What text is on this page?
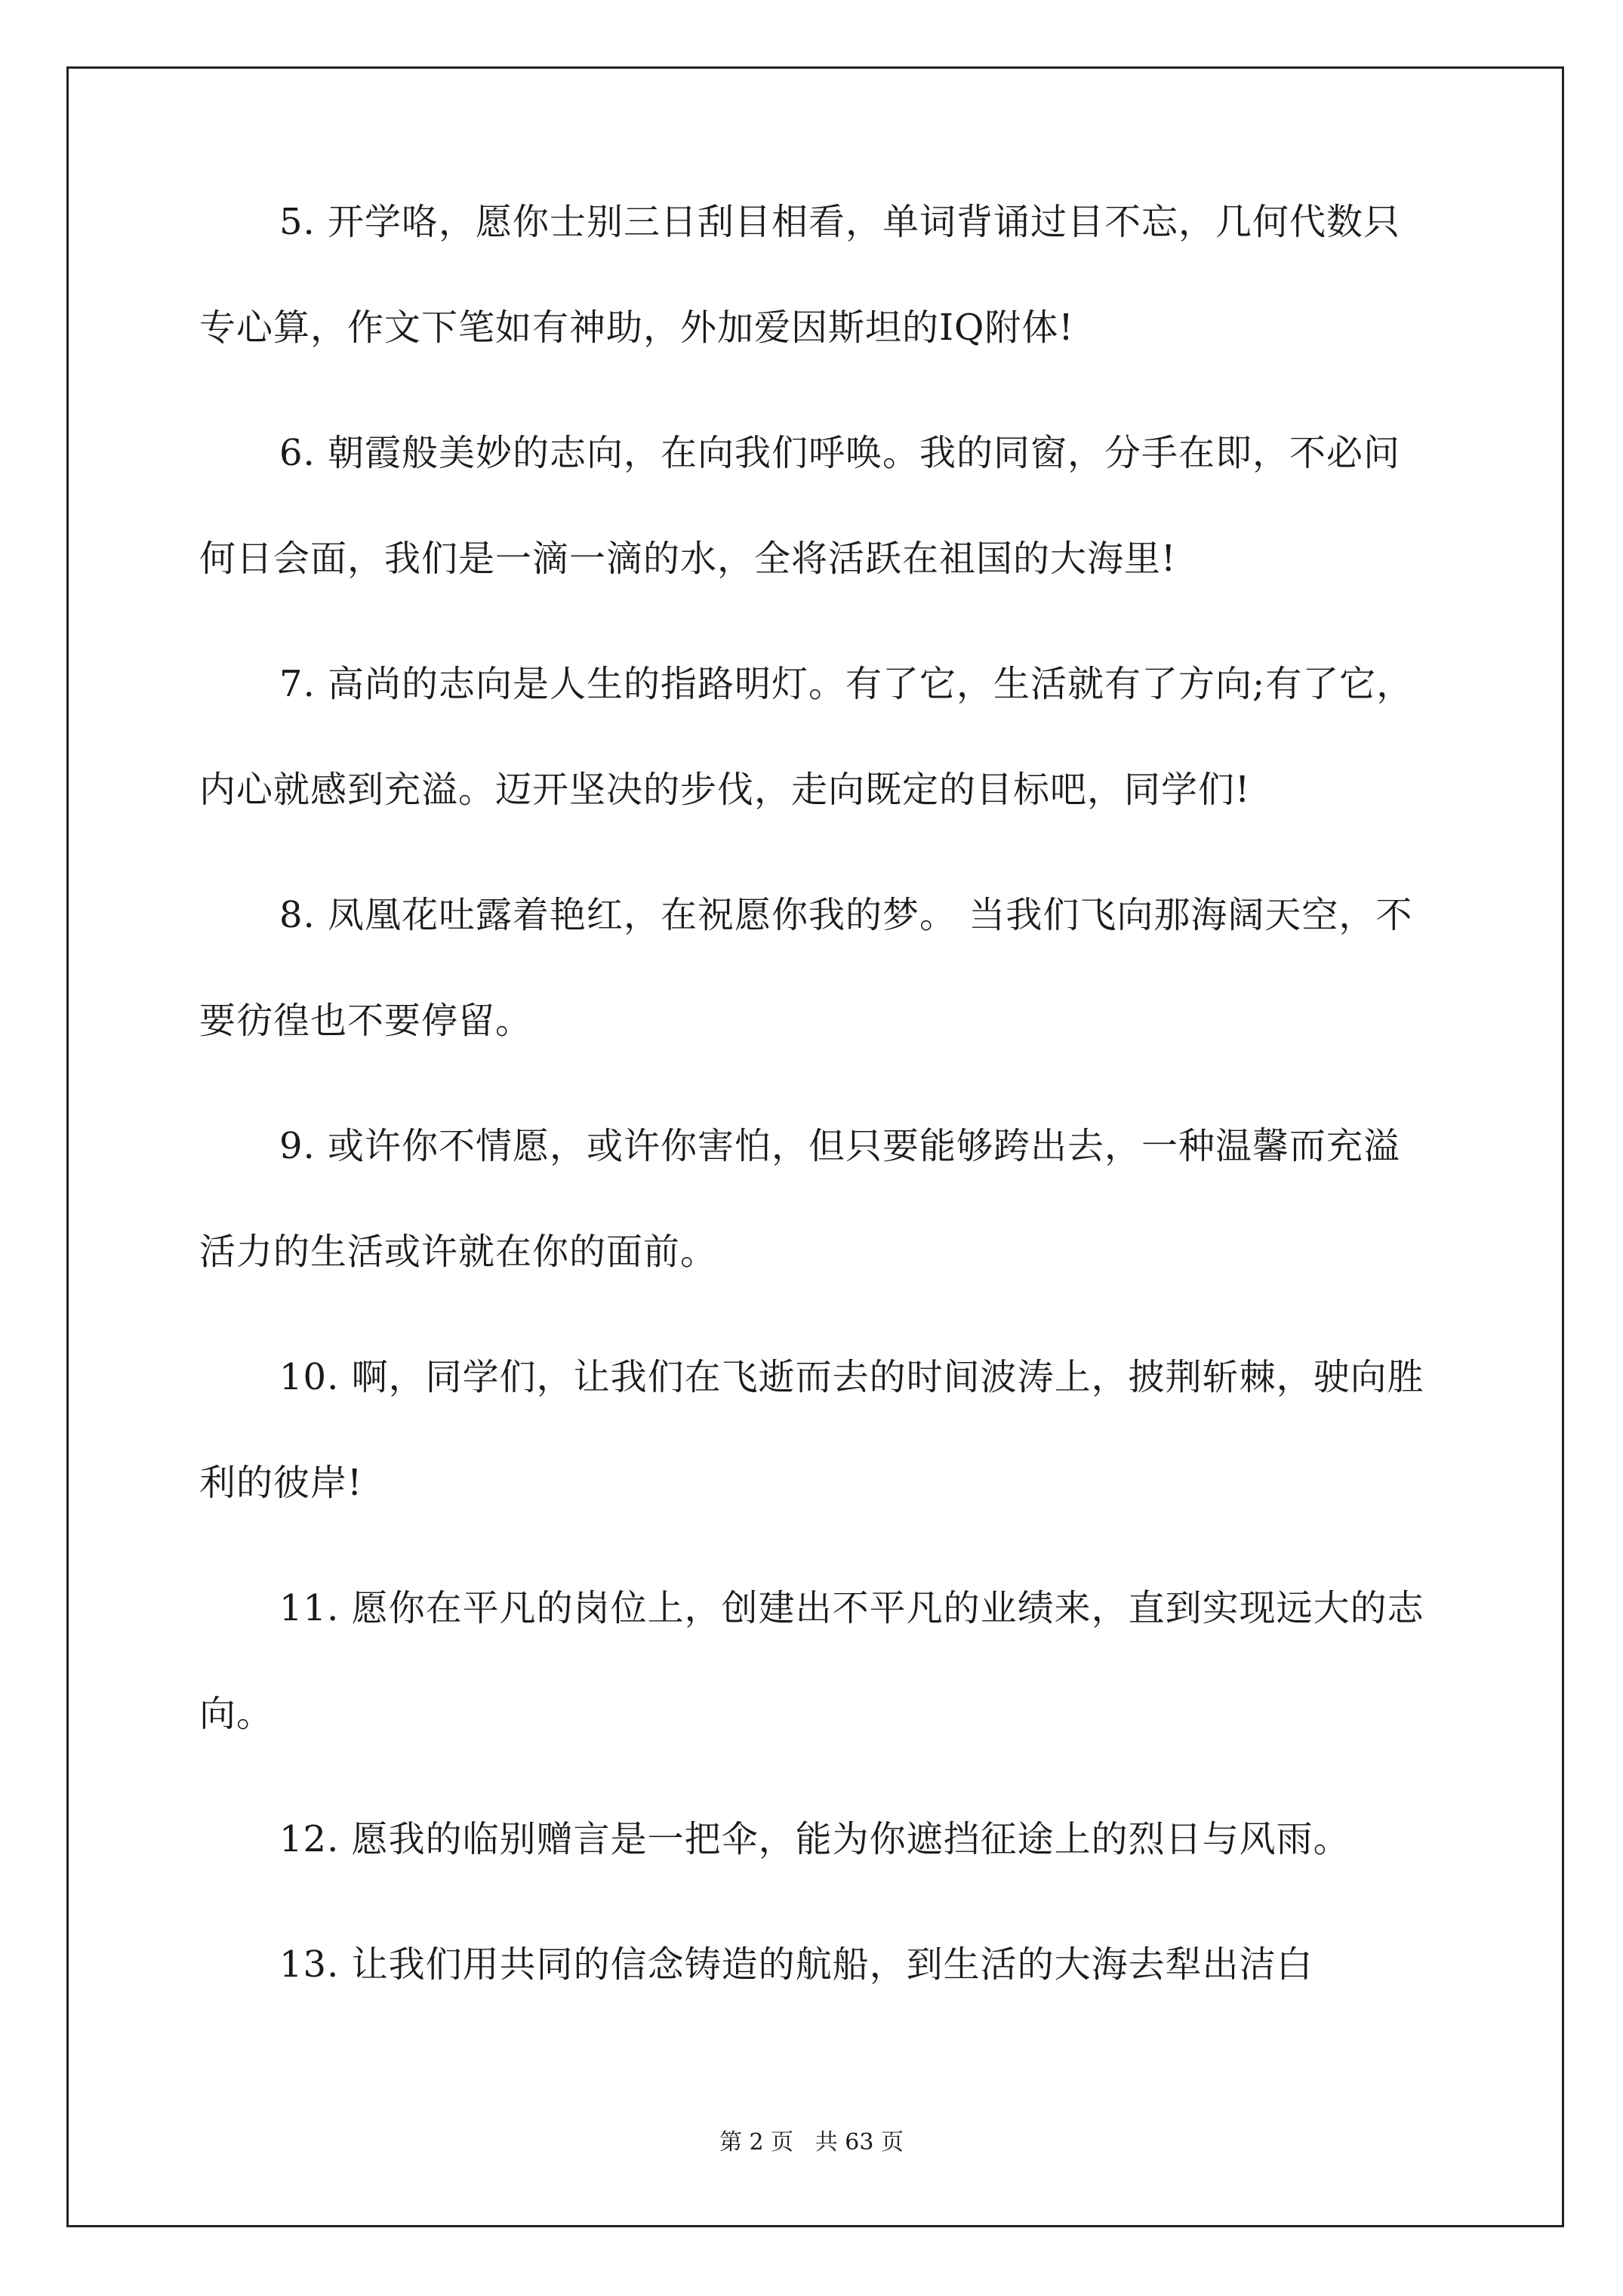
5. 开学咯，愿你士别三日刮目相看，单词背诵过目不忘，几何代数只专心算，作文下笔如有神助，外加爱因斯坦的IQ附体!

6. 朝霞般美妙的志向，在向我们呼唤。我的同窗，分手在即，不必问何日会面，我们是一滴一滴的水，全将活跃在祖国的大海里!

7. 高尚的志向是人生的指路明灯。有了它，生活就有了方向;有了它，内心就感到充溢。迈开坚决的步伐，走向既定的目标吧，同学们!

8. 凤凰花吐露着艳红，在祝愿你我的梦。 当我们飞向那海阔天空，不要彷徨也不要停留。

9. 或许你不情愿，或许你害怕，但只要能够跨出去，一种温馨而充溢活力的生活或许就在你的面前。

10. 啊，同学们，让我们在飞逝而去的时间波涛上，披荆斩棘，驶向胜利的彼岸!

11. 愿你在平凡的岗位上，创建出不平凡的业绩来，直到实现远大的志向。

12. 愿我的临别赠言是一把伞，能为你遮挡征途上的烈日与风雨。

13. 让我们用共同的信念铸造的航船，到生活的大海去犁出洁白

第 2 页 共 63 页
